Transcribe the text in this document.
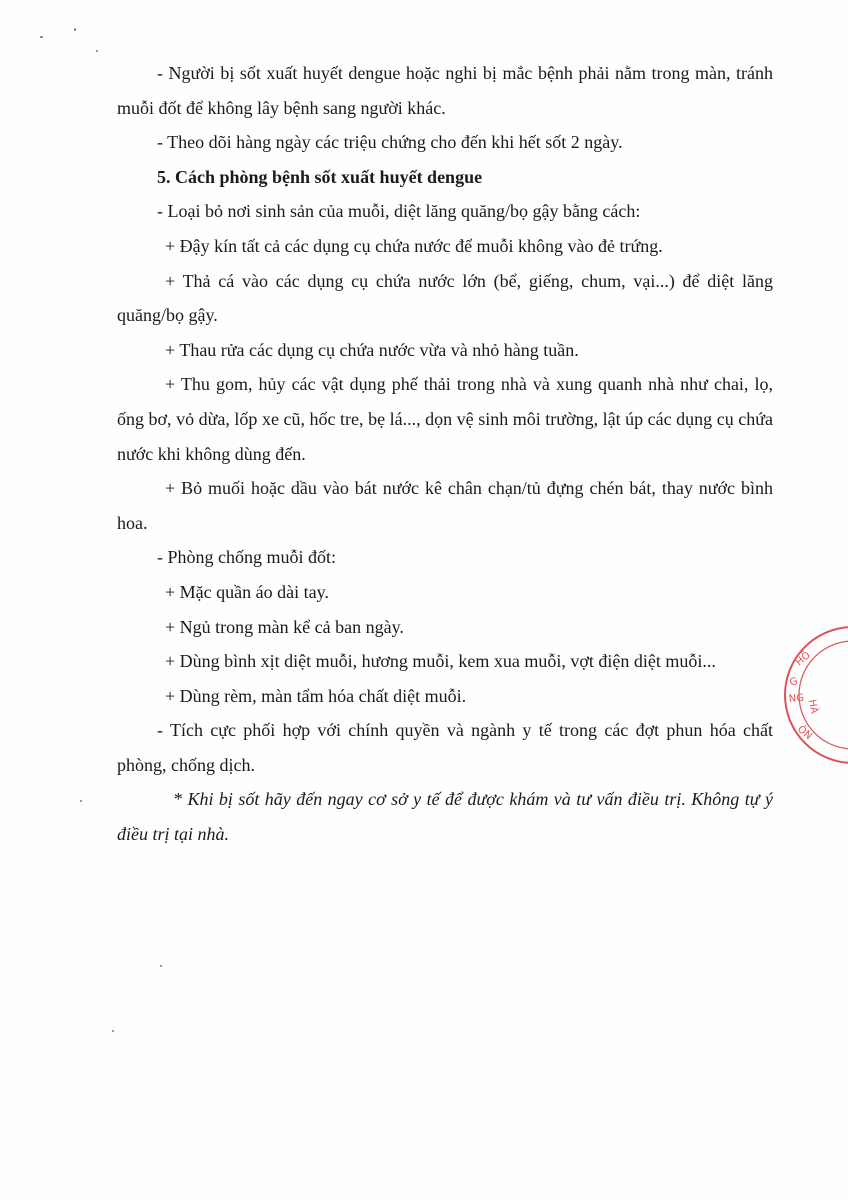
- Người bị sốt xuất huyết dengue hoặc nghi bị mắc bệnh phải nằm trong màn, tránh muỗi đốt để không lây bệnh sang người khác.

- Theo dõi hàng ngày các triệu chứng cho đến khi hết sốt 2 ngày.

5. Cách phòng bệnh sốt xuất huyết dengue

- Loại bỏ nơi sinh sản của muỗi, diệt lăng quăng/bọ gậy bằng cách:

+ Đậy kín tất cả các dụng cụ chứa nước để muỗi không vào đẻ trứng.

+ Thả cá vào các dụng cụ chứa nước lớn (bể, giếng, chum, vại...) để diệt lăng quăng/bọ gậy.

+ Thau rửa các dụng cụ chứa nước vừa và nhỏ hàng tuần.

+ Thu gom, hủy các vật dụng phế thải trong nhà và xung quanh nhà như chai, lọ, ống bơ, vỏ dừa, lốp xe cũ, hốc tre, bẹ lá..., dọn vệ sinh môi trường, lật úp các dụng cụ chứa nước khi không dùng đến.

+ Bỏ muối hoặc dầu vào bát nước kê chân chạn/tủ đựng chén bát, thay nước bình hoa.

- Phòng chống muỗi đốt:

+ Mặc quần áo dài tay.

+ Ngủ trong màn kể cả ban ngày.

+ Dùng bình xịt diệt muỗi, hương muỗi, kem xua muỗi, vợt điện diệt muỗi...

+ Dùng rèm, màn tẩm hóa chất diệt muỗi.

- Tích cực phối hợp với chính quyền và ngành y tế trong các đợt phun hóa chất phòng, chống dịch.

* Khi bị sốt hãy đến ngay cơ sở y tế để được khám và tư vấn điều trị. Không tự ý điều trị tại nhà.

HỒ
G
NG HÀ
ÔN
